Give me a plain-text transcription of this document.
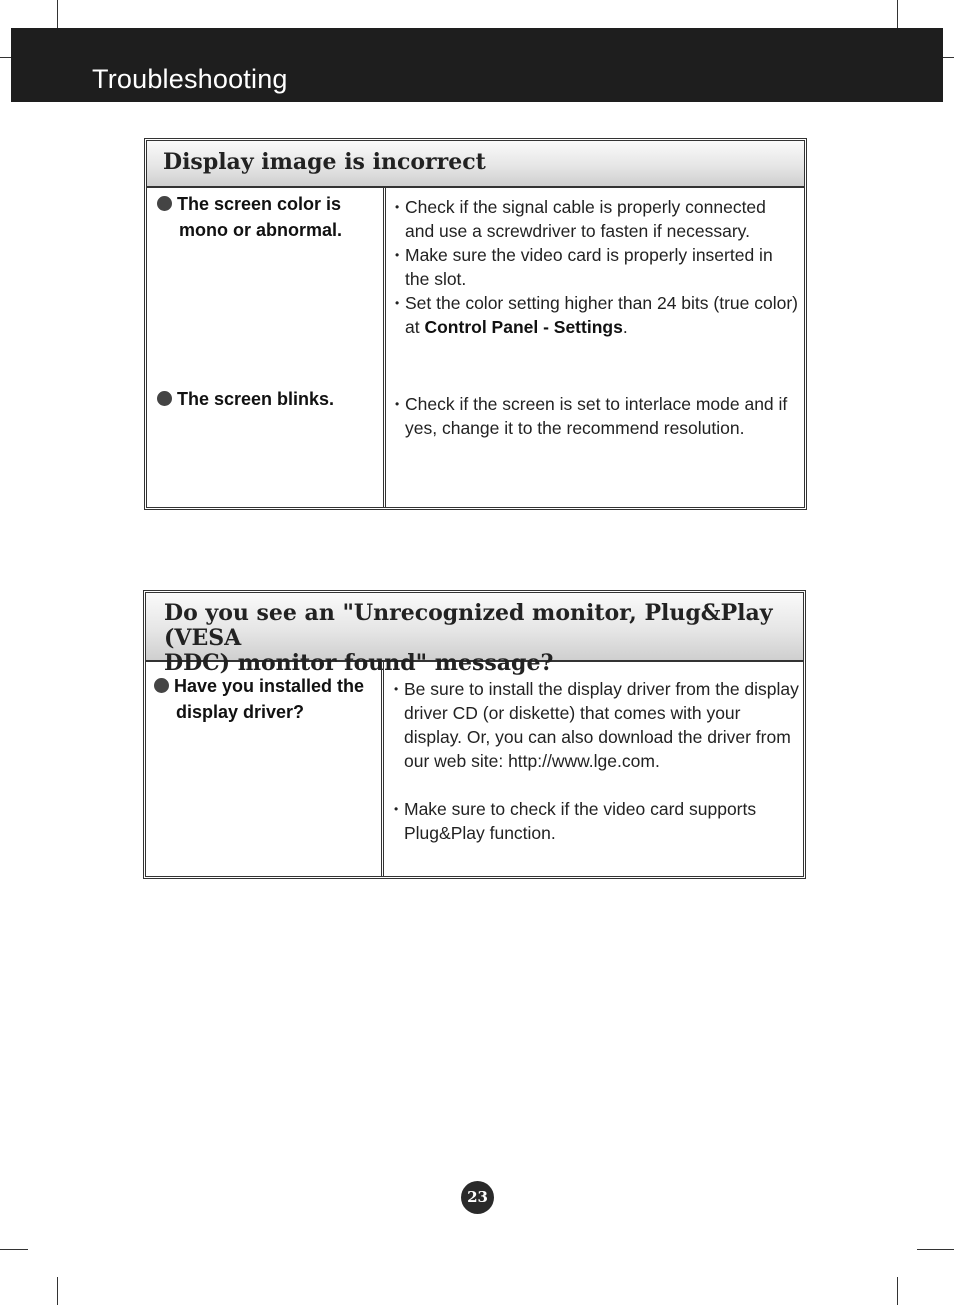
Troubleshooting
Display image is incorrect
The screen color is
mono or abnormal.
• Check if the signal cable is properly connected
and use a screwdriver to fasten if necessary.
• Make sure the video card is properly inserted in
the slot.
• Set the color setting higher than 24 bits (true color)
at Control Panel - Settings.
The screen blinks.	• Check if the screen is set to interlace mode and if
yes, change it to the recommend resolution.
Do you see an "Unrecognized monitor, Plug&Play (VESA
DDC) monitor found" message?
Have you installed the
display driver?
• Be sure to install the display driver from the display
driver CD (or diskette) that comes with your
display. Or, you can also download the driver from
our web site: http://www.lge.com.

• Make sure to check if the video card supports
Plug&Play function.
23
